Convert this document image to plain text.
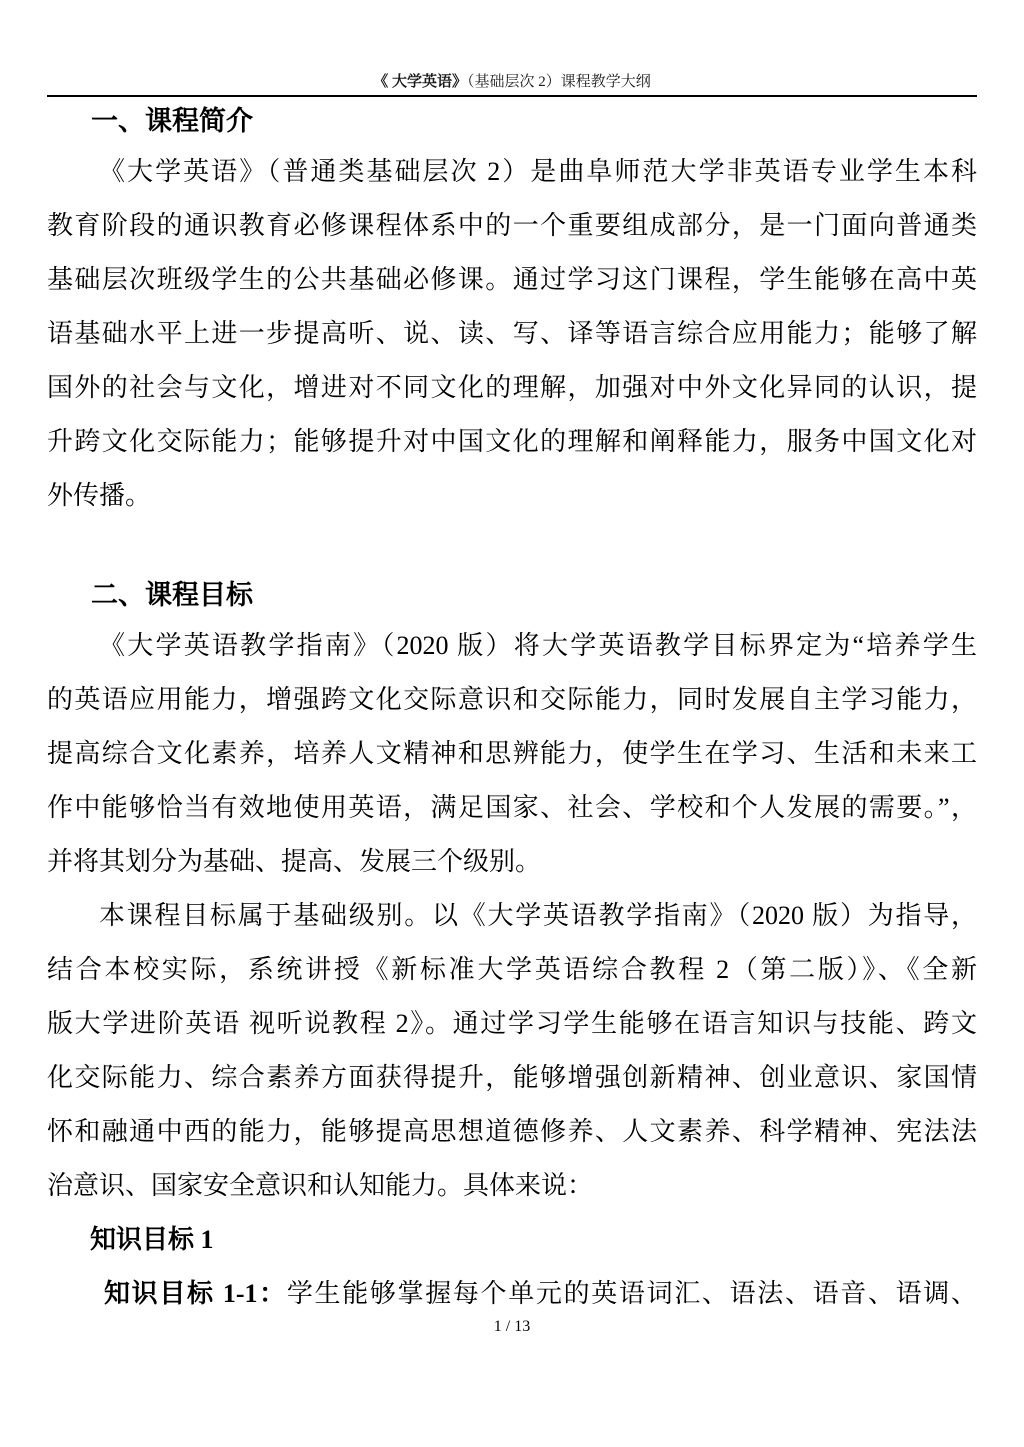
《 大学英语》（基础层次 2）课程教学大纲
一、课程简介
《大学英语》（普通类基础层次 2）是曲阜师范大学非英语专业学生本科
教育阶段的通识教育必修课程体系中的一个重要组成部分，是一门面向普通类
基础层次班级学生的公共基础必修课。通过学习这门课程，学生能够在高中英
语基础水平上进一步提高听、说、读、写、译等语言综合应用能力；能够了解
国外的社会与文化，增进对不同文化的理解，加强对中外文化异同的认识，提
升跨文化交际能力；能够提升对中国文化的理解和阐释能力，服务中国文化对
外传播。
二、课程目标
《大学英语教学指南》（2020 版）将大学英语教学目标界定为“培养学生
的英语应用能力，增强跨文化交际意识和交际能力，同时发展自主学习能力，
提高综合文化素养，培养人文精神和思辨能力，使学生在学习、生活和未来工
作中能够恰当有效地使用英语，满足国家、社会、学校和个人发展的需要。”，
并将其划分为基础、提高、发展三个级别。
本课程目标属于基础级别。以《大学英语教学指南》（2020 版）为指导，
结合本校实际，系统讲授《新标准大学英语综合教程 2（第二版）》、《全新
版大学进阶英语 视听说教程 2》。通过学习学生能够在语言知识与技能、跨文
化交际能力、综合素养方面获得提升，能够增强创新精神、创业意识、家国情
怀和融通中西的能力，能够提高思想道德修养、人文素养、科学精神、宪法法
治意识、国家安全意识和认知能力。具体来说：
知识目标 1
知识目标 1-1：学生能够掌握每个单元的英语词汇、语法、语音、语调、
1 / 13
